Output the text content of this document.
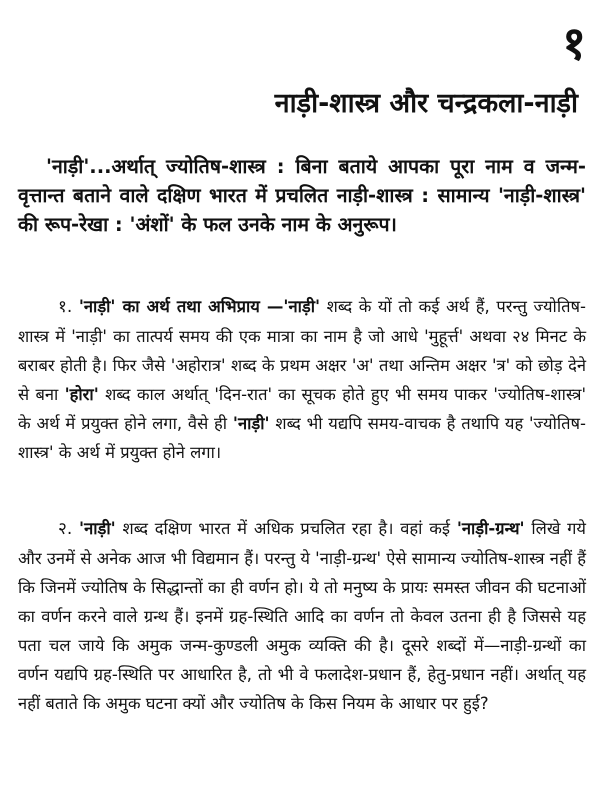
१
नाड़ी-शास्त्र और चन्द्रकला-नाड़ी
'नाड़ी'...अर्थात् ज्योतिष-शास्त्र : बिना बताये आपका पूरा नाम व जन्म-वृत्तान्त बताने वाले दक्षिण भारत में प्रचलित नाड़ी-शास्त्र : सामान्य 'नाड़ी-शास्त्र' की रूप-रेखा : 'अंशों' के फल उनके नाम के अनुरूप।
१. 'नाड़ी' का अर्थ तथा अभिप्राय —'नाड़ी' शब्द के यों तो कई अर्थ हैं, परन्तु ज्योतिष-शास्त्र में 'नाड़ी' का तात्पर्य समय की एक मात्रा का नाम है जो आधे 'मुहूर्त्त' अथवा २४ मिनट के बराबर होती है। फिर जैसे 'अहोरात्र' शब्द के प्रथम अक्षर 'अ' तथा अन्तिम अक्षर 'त्र' को छोड़ देने से बना 'होरा' शब्द काल अर्थात् 'दिन-रात' का सूचक होते हुए भी समय पाकर 'ज्योतिष-शास्त्र' के अर्थ में प्रयुक्त होने लगा, वैसे ही 'नाड़ी' शब्द भी यद्यपि समय-वाचक है तथापि यह 'ज्योतिष-शास्त्र' के अर्थ में प्रयुक्त होने लगा।
२. 'नाड़ी' शब्द दक्षिण भारत में अधिक प्रचलित रहा है। वहां कई 'नाड़ी-ग्रन्थ' लिखे गये और उनमें से अनेक आज भी विद्यमान हैं। परन्तु ये 'नाड़ी-ग्रन्थ' ऐसे सामान्य ज्योतिष-शास्त्र नहीं हैं कि जिनमें ज्योतिष के सिद्धान्तों का ही वर्णन हो। ये तो मनुष्य के प्रायः समस्त जीवन की घटनाओं का वर्णन करने वाले ग्रन्थ हैं। इनमें ग्रह-स्थिति आदि का वर्णन तो केवल उतना ही है जिससे यह पता चल जाये कि अमुक जन्म-कुण्डली अमुक व्यक्ति की है। दूसरे शब्दों में—नाड़ी-ग्रन्थों का वर्णन यद्यपि ग्रह-स्थिति पर आधारित है, तो भी वे फलादेश-प्रधान हैं, हेतु-प्रधान नहीं। अर्थात् यह नहीं बताते कि अमुक घटना क्यों और ज्योतिष के किस नियम के आधार पर हुई?
